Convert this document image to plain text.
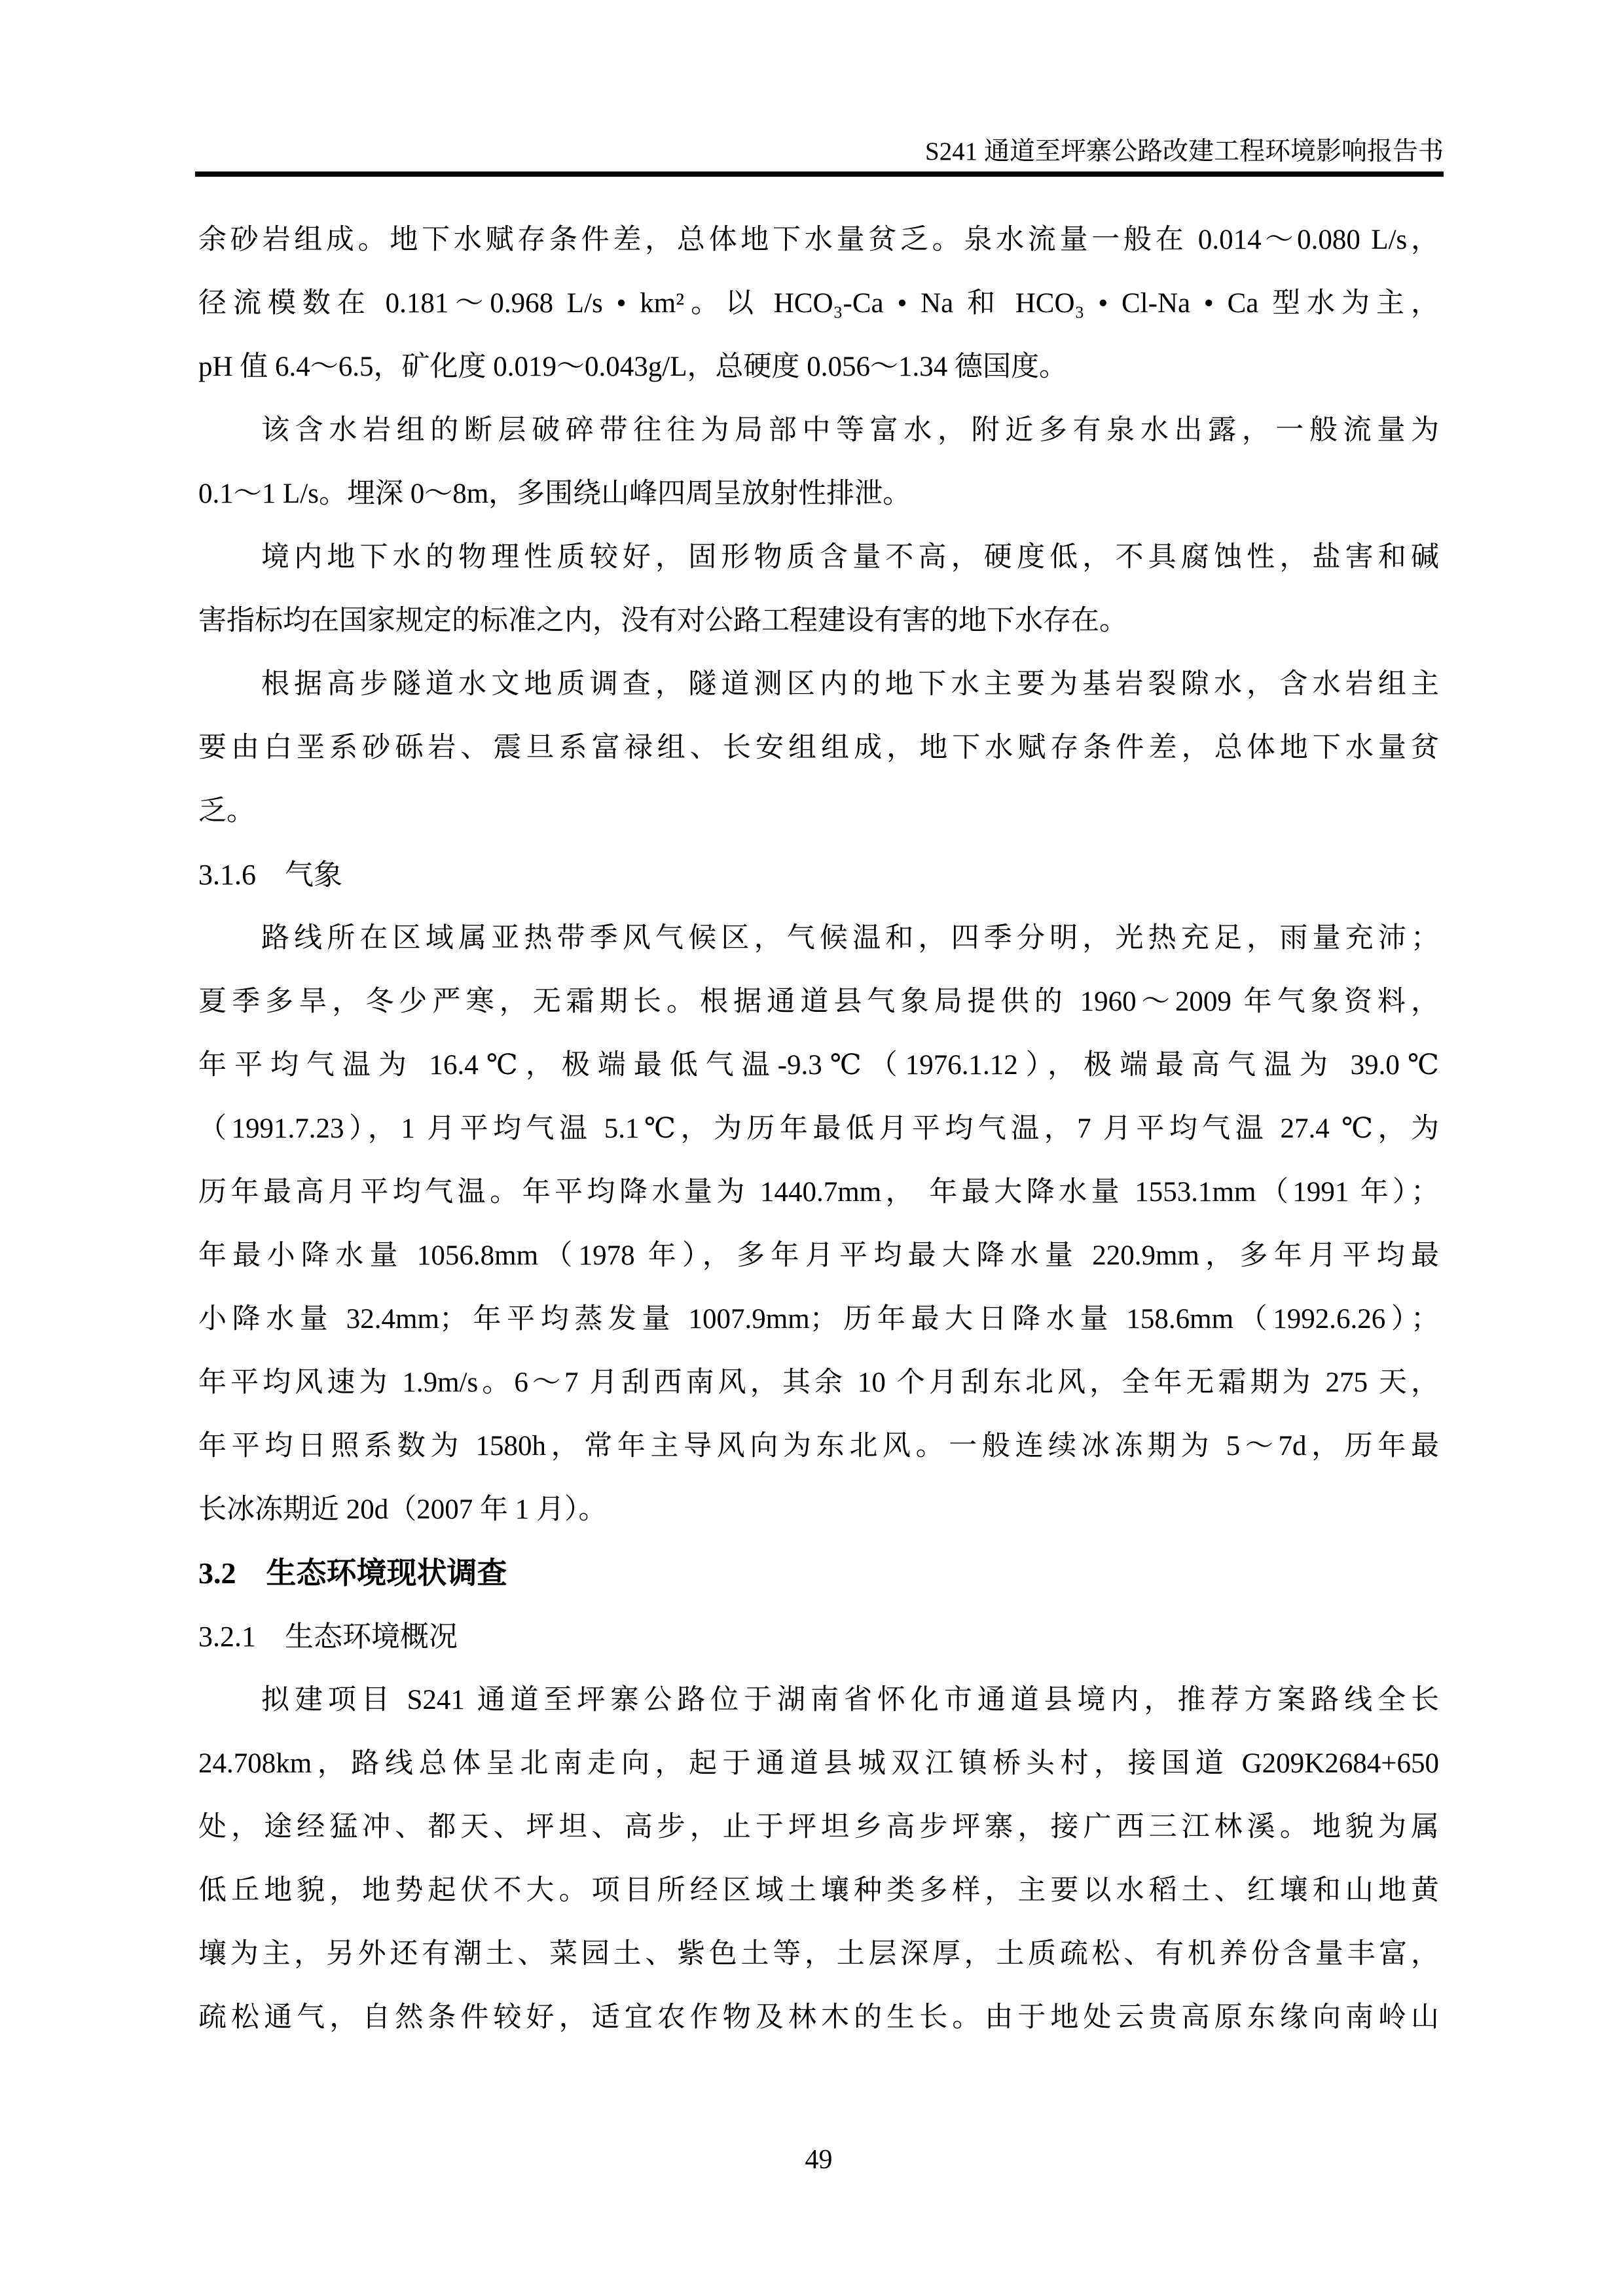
S241 通道至坪寨公路改建工程环境影响报告书
余砂岩组成。地下水赋存条件差，总体地下水量贫乏。泉水流量一般在 0.014～0.080 L/s，
径流模数在 0.181～0.968 L/s • km²。以 HCO₃-Ca • Na 和 HCO₃ • Cl-Na • Ca 型水为主，
pH 值 6.4～6.5，矿化度 0.019～0.043g/L，总硬度 0.056～1.34 德国度。
该含水岩组的断层破碎带往往为局部中等富水，附近多有泉水出露，一般流量为
0.1～1 L/s。埋深 0～8m，多围绕山峰四周呈放射性排泄。
境内地下水的物理性质较好，固形物质含量不高，硬度低，不具腐蚀性，盐害和碱
害指标均在国家规定的标准之内，没有对公路工程建设有害的地下水存在。
根据高步隧道水文地质调查，隧道测区内的地下水主要为基岩裂隙水，含水岩组主
要由白垩系砂砾岩、震旦系富禄组、长安组组成，地下水赋存条件差，总体地下水量贫
乏。
3.1.6　气象
路线所在区域属亚热带季风气候区，气候温和，四季分明，光热充足，雨量充沛；
夏季多旱，冬少严寒，无霜期长。根据通道县气象局提供的 1960～2009 年气象资料，
年平均气温为 16.4℃，极端最低气温-9.3℃（1976.1.12），极端最高气温为 39.0℃
（1991.7.23），1 月平均气温 5.1℃，为历年最低月平均气温，7 月平均气温 27.4 ℃，为
历年最高月平均气温。年平均降水量为 1440.7mm， 年最大降水量 1553.1mm（1991 年）；
年最小降水量 1056.8mm（1978 年），多年月平均最大降水量 220.9mm，多年月平均最
小降水量 32.4mm；年平均蒸发量 1007.9mm；历年最大日降水量 158.6mm（1992.6.26）；
年平均风速为 1.9m/s。6～7 月刮西南风，其余 10 个月刮东北风，全年无霜期为 275 天，
年平均日照系数为 1580h，常年主导风向为东北风。一般连续冰冻期为 5～7d，历年最
长冰冻期近 20d（2007 年 1 月）。
3.2　生态环境现状调查
3.2.1　生态环境概况
拟建项目 S241 通道至坪寨公路位于湖南省怀化市通道县境内，推荐方案路线全长
24.708km，路线总体呈北南走向，起于通道县城双江镇桥头村，接国道 G209K2684+650
处，途经猛冲、都天、坪坦、高步，止于坪坦乡高步坪寨，接广西三江林溪。地貌为属
低丘地貌，地势起伏不大。项目所经区域土壤种类多样，主要以水稻土、红壤和山地黄
壤为主，另外还有潮土、菜园土、紫色土等，土层深厚，土质疏松、有机养份含量丰富，
疏松通气，自然条件较好，适宜农作物及林木的生长。由于地处云贵高原东缘向南岭山
49
